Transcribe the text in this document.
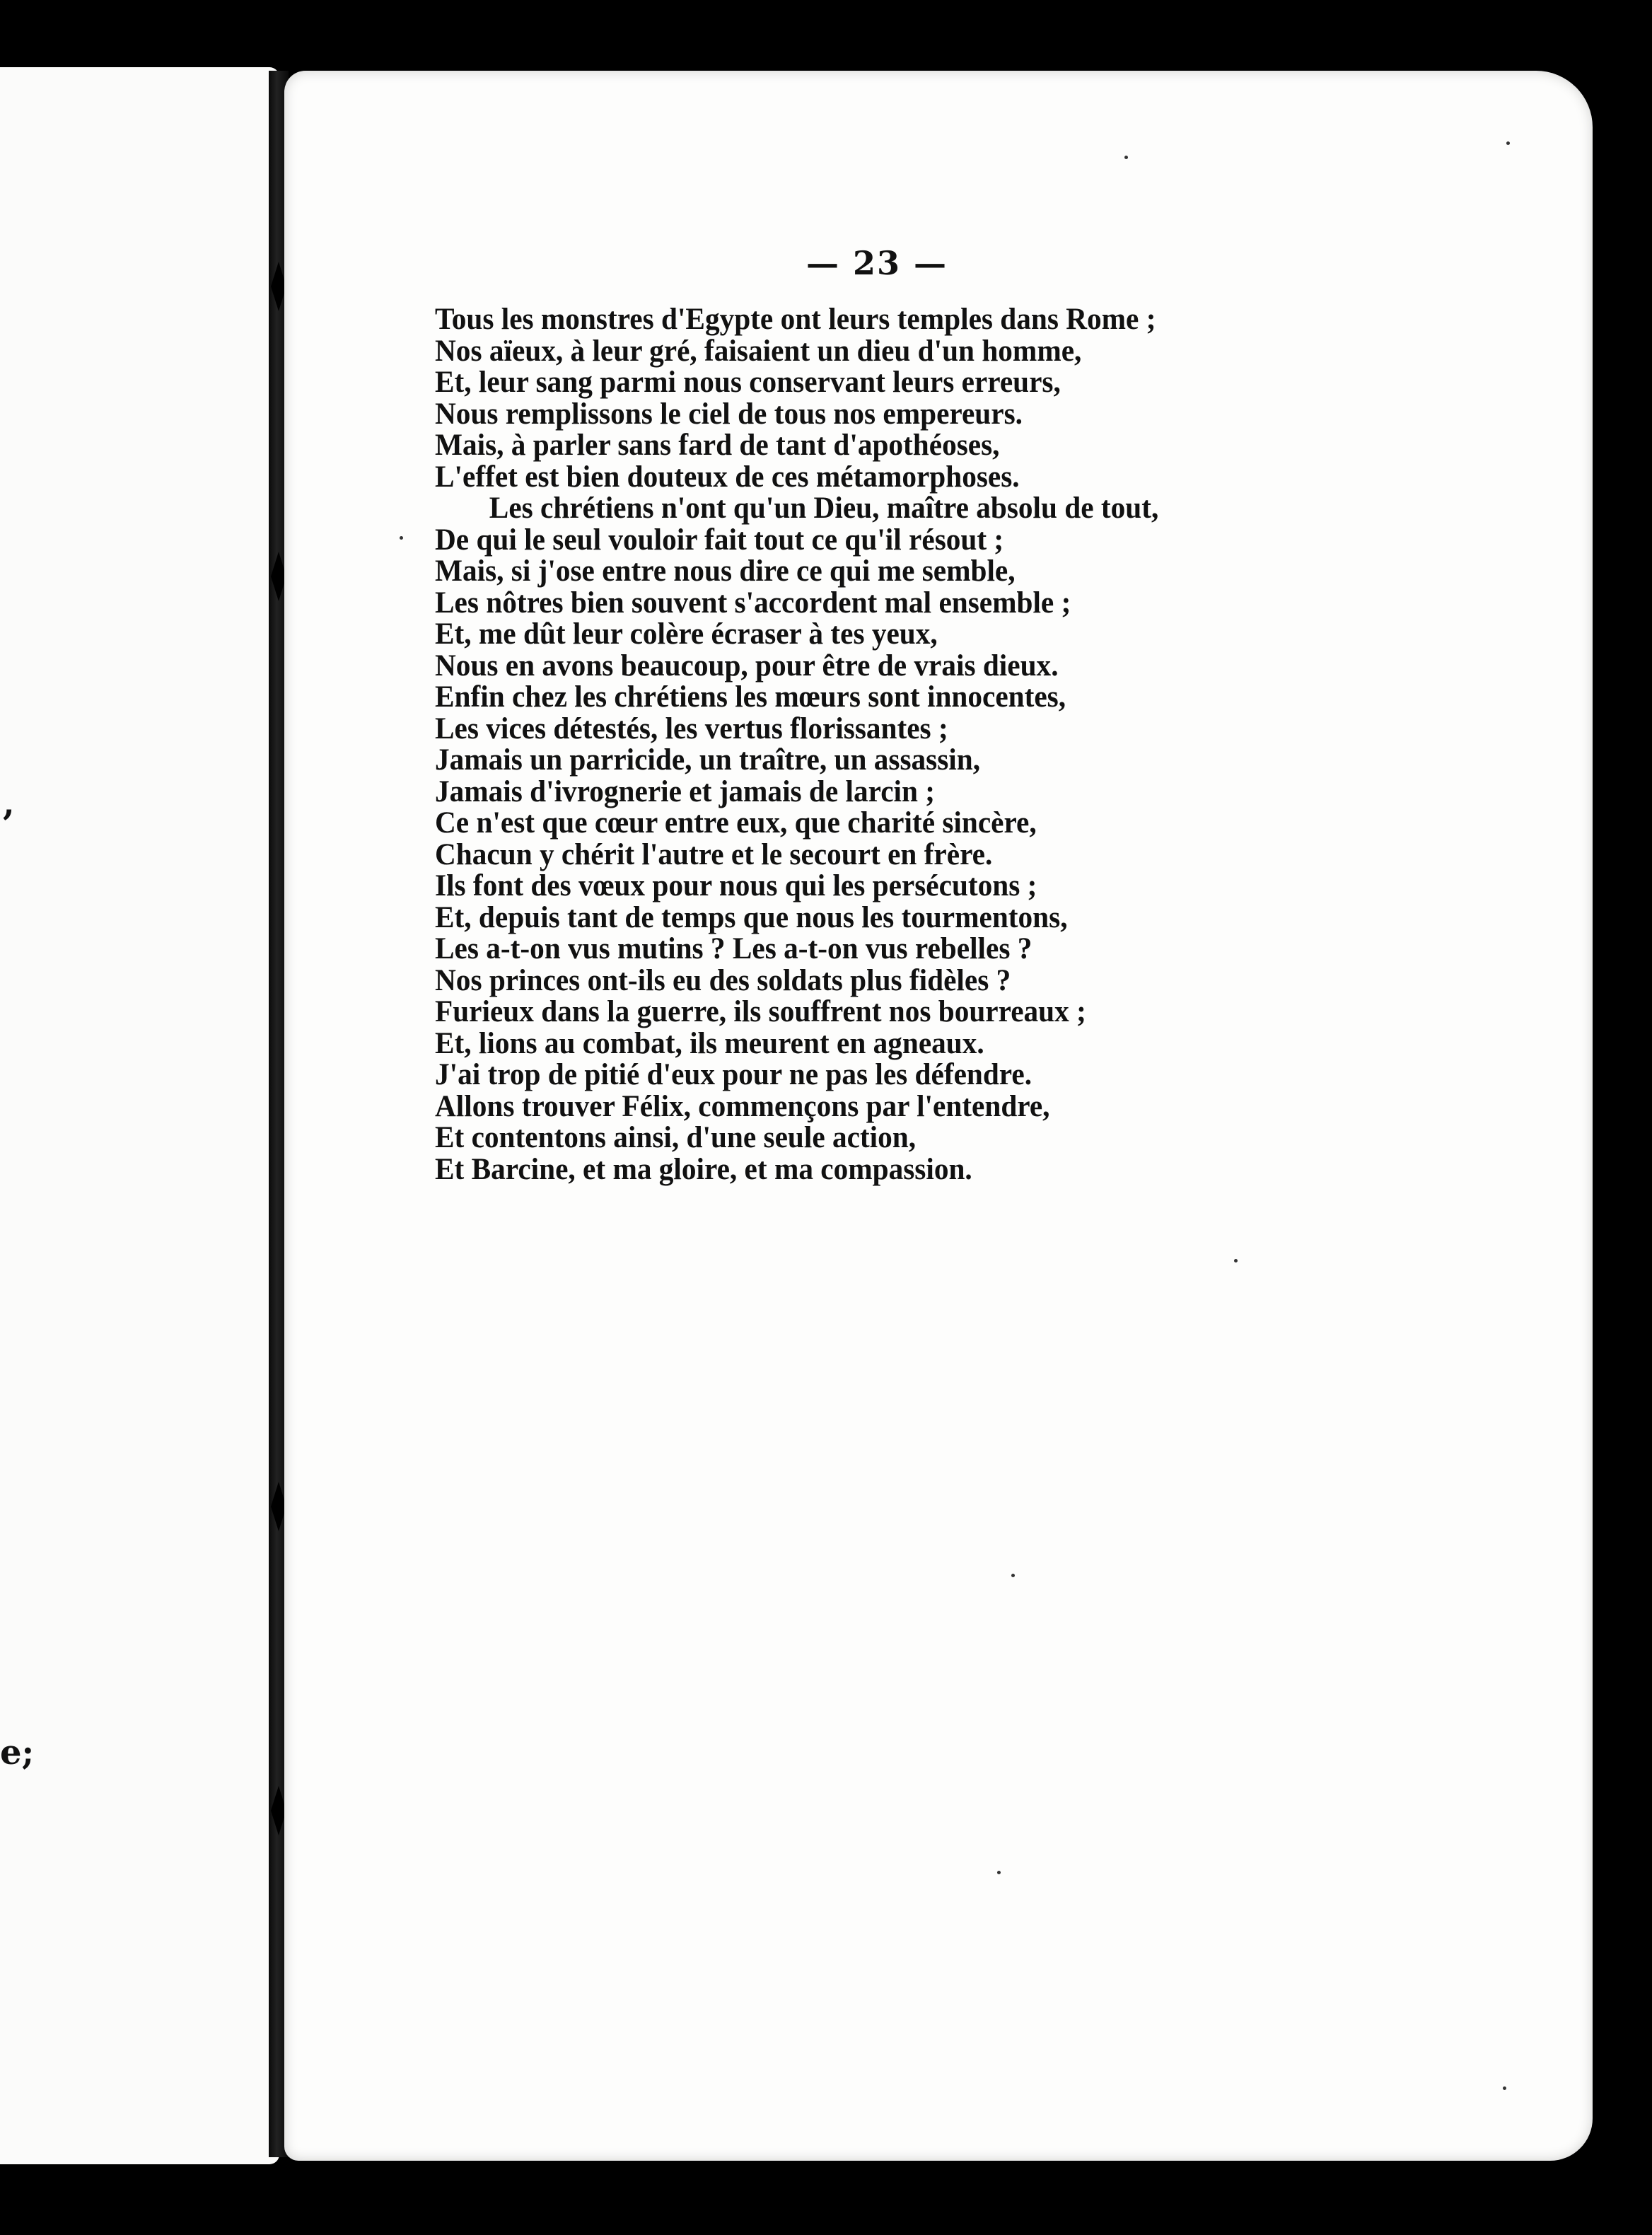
,
e;
— 23 —
Tous les monstres d'Egypte ont leurs temples dans Rome ;
Nos aïeux, à leur gré, faisaient un dieu d'un homme,
Et, leur sang parmi nous conservant leurs erreurs,
Nous remplissons le ciel de tous nos empereurs.
Mais, à parler sans fard de tant d'apothéoses,
L'effet est bien douteux de ces métamorphoses.
Les chrétiens n'ont qu'un Dieu, maître absolu de tout,
De qui le seul vouloir fait tout ce qu'il résout ;
Mais, si j'ose entre nous dire ce qui me semble,
Les nôtres bien souvent s'accordent mal ensemble ;
Et, me dût leur colère écraser à tes yeux,
Nous en avons beaucoup, pour être de vrais dieux.
Enfin chez les chrétiens les mœurs sont innocentes,
Les vices détestés, les vertus florissantes ;
Jamais un parricide, un traître, un assassin,
Jamais d'ivrognerie et jamais de larcin ;
Ce n'est que cœur entre eux, que charité sincère,
Chacun y chérit l'autre et le secourt en frère.
Ils font des vœux pour nous qui les persécutons ;
Et, depuis tant de temps que nous les tourmentons,
Les a-t-on vus mutins ? Les a-t-on vus rebelles ?
Nos princes ont-ils eu des soldats plus fidèles ?
Furieux dans la guerre, ils souffrent nos bourreaux ;
Et, lions au combat, ils meurent en agneaux.
J'ai trop de pitié d'eux pour ne pas les défendre.
Allons trouver Félix, commençons par l'entendre,
Et contentons ainsi, d'une seule action,
Et Barcine, et ma gloire, et ma compassion.
